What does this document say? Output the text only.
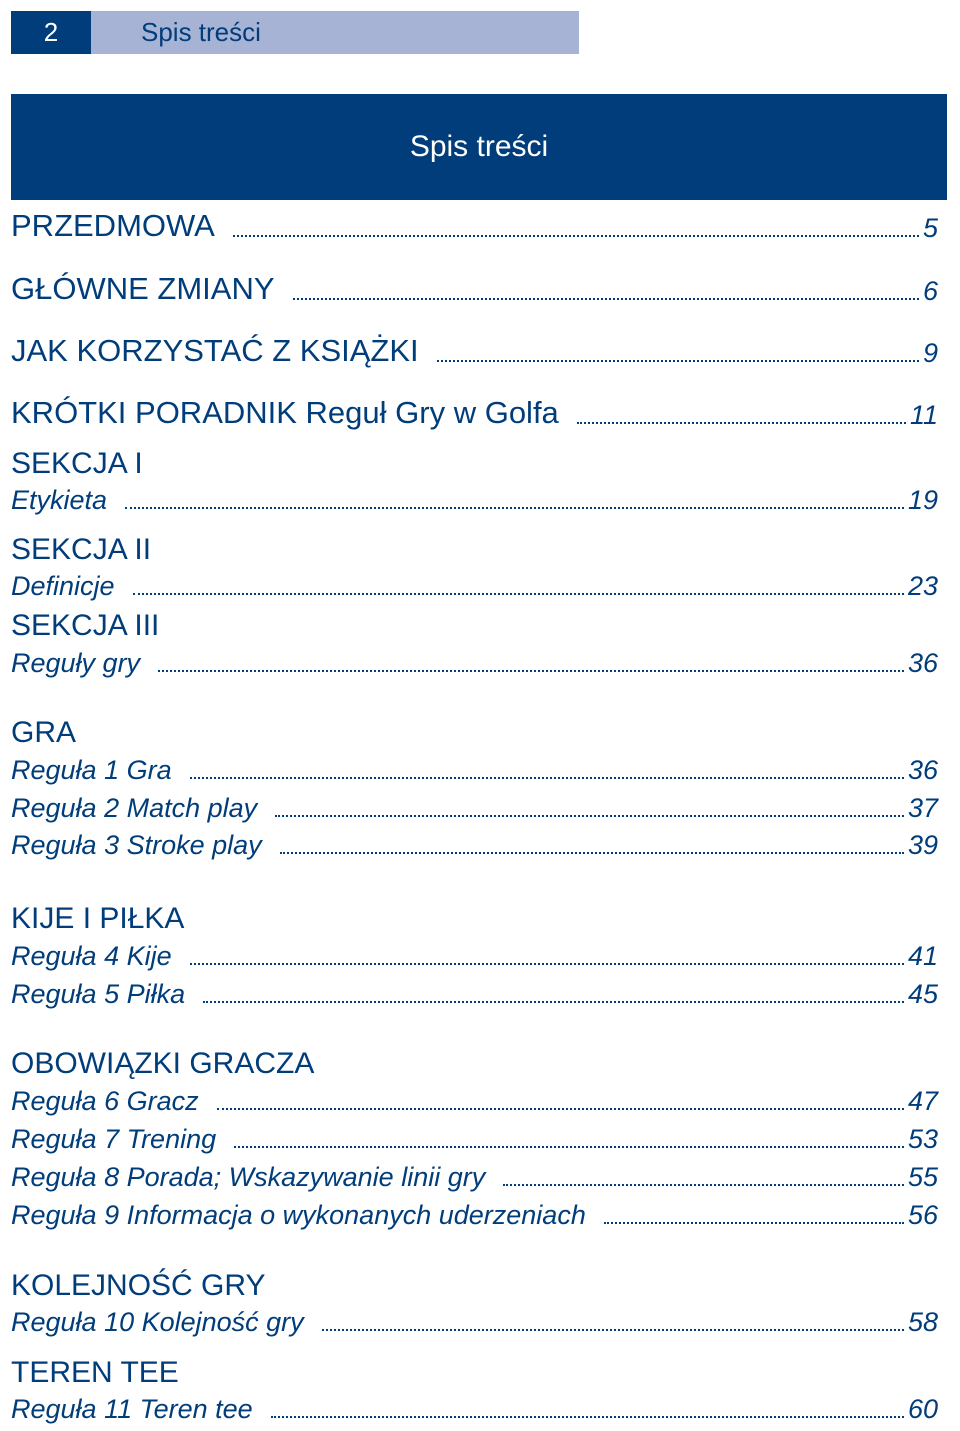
2	Spis treści
Spis treści
PRZEDMOWA	5
GŁÓWNE ZMIANY	6
JAK KORZYSTAĆ Z KSIĄŻKI	9
KRÓTKI PORADNIK Reguł Gry w Golfa	11
SEKCJA I
Etykieta	19
SEKCJA II
Definicje	23
SEKCJA III
Reguły gry	36
GRA
Reguła 1 Gra	36
Reguła 2 Match play	37
Reguła 3 Stroke play	39
KIJE I PIŁKA
Reguła 4 Kije	41
Reguła 5 Piłka	45
OBOWIĄZKI GRACZA
Reguła 6 Gracz	47
Reguła 7 Trening	53
Reguła 8 Porada; Wskazywanie linii gry	55
Reguła 9 Informacja o wykonanych uderzeniach	56
KOLEJNOŚĆ GRY
Reguła 10 Kolejność gry	58
TEREN TEE
Reguła 11 Teren tee	60
